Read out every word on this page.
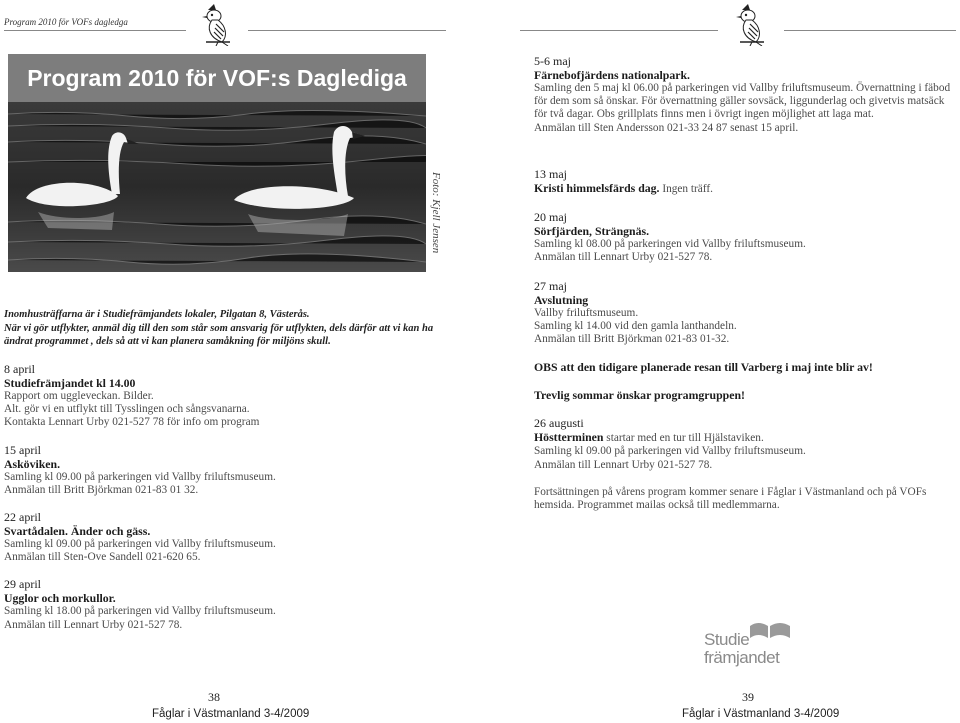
Program 2010 för VOFs dagledga
Program 2010 för VOF:s Daglediga
Foto: Kjell Jensen
Inomhusträffarna är i Studiefrämjandets lokaler, Pilgatan 8, Västerås.
När vi gör utflykter, anmäl dig till den som står som ansvarig för utflykten, dels därför att vi kan ha ändrat programmet , dels så att vi kan planera samåkning för miljöns skull.
8 april
Studiefrämjandet kl 14.00
Rapport om uggleveckan. Bilder.
Alt. gör vi en utflykt till Tysslingen och sångsvanarna.
Kontakta Lennart Urby 021-527 78 för info om program
15 april
Asköviken.
Samling kl 09.00 på parkeringen vid Vallby friluftsmuseum.
Anmälan till Britt Björkman 021-83 01 32.
22 april
Svartådalen. Änder och gäss.
Samling kl 09.00 på parkeringen vid Vallby friluftsmuseum.
Anmälan till Sten-Ove Sandell 021-620 65.
29 april
Ugglor och morkullor.
Samling kl 18.00 på parkeringen vid Vallby friluftsmuseum.
Anmälan till Lennart Urby 021-527 78.
5-6 maj
Färnebofjärdens nationalpark.
Samling den 5 maj kl 06.00 på parkeringen vid Vallby friluftsmuseum. Övernattning i fäbod för dem som så önskar. För övernattning gäller sovsäck, liggunderlag och givetvis matsäck för två dagar. Obs grillplats finns men i övrigt ingen möjlighet att laga mat.
Anmälan till Sten Andersson 021-33 24 87 senast 15 april.
13 maj
Kristi himmelsfärds dag. Ingen träff.
20 maj
Sörfjärden, Strängnäs.
Samling kl 08.00 på parkeringen vid Vallby friluftsmuseum.
Anmälan till Lennart Urby 021-527 78.
27 maj
Avslutning
Vallby friluftsmuseum.
Samling kl 14.00 vid den gamla lanthandeln.
Anmälan till Britt Björkman 021-83 01-32.
OBS att den tidigare planerade resan till Varberg i maj inte blir av!
Trevlig sommar önskar programgruppen!
26 augusti
Höstterminen startar med en tur till Hjälstaviken.
Samling kl 09.00 på parkeringen vid Vallby friluftsmuseum.
Anmälan till Lennart Urby 021-527 78.
Fortsättningen på vårens program kommer senare i Fåglar i Västmanland och på VOFs hemsida. Programmet mailas också till medlemmarna.
Studie
främjandet
38
Fåglar i Västmanland 3-4/2009
39
Fåglar i Västmanland 3-4/2009
